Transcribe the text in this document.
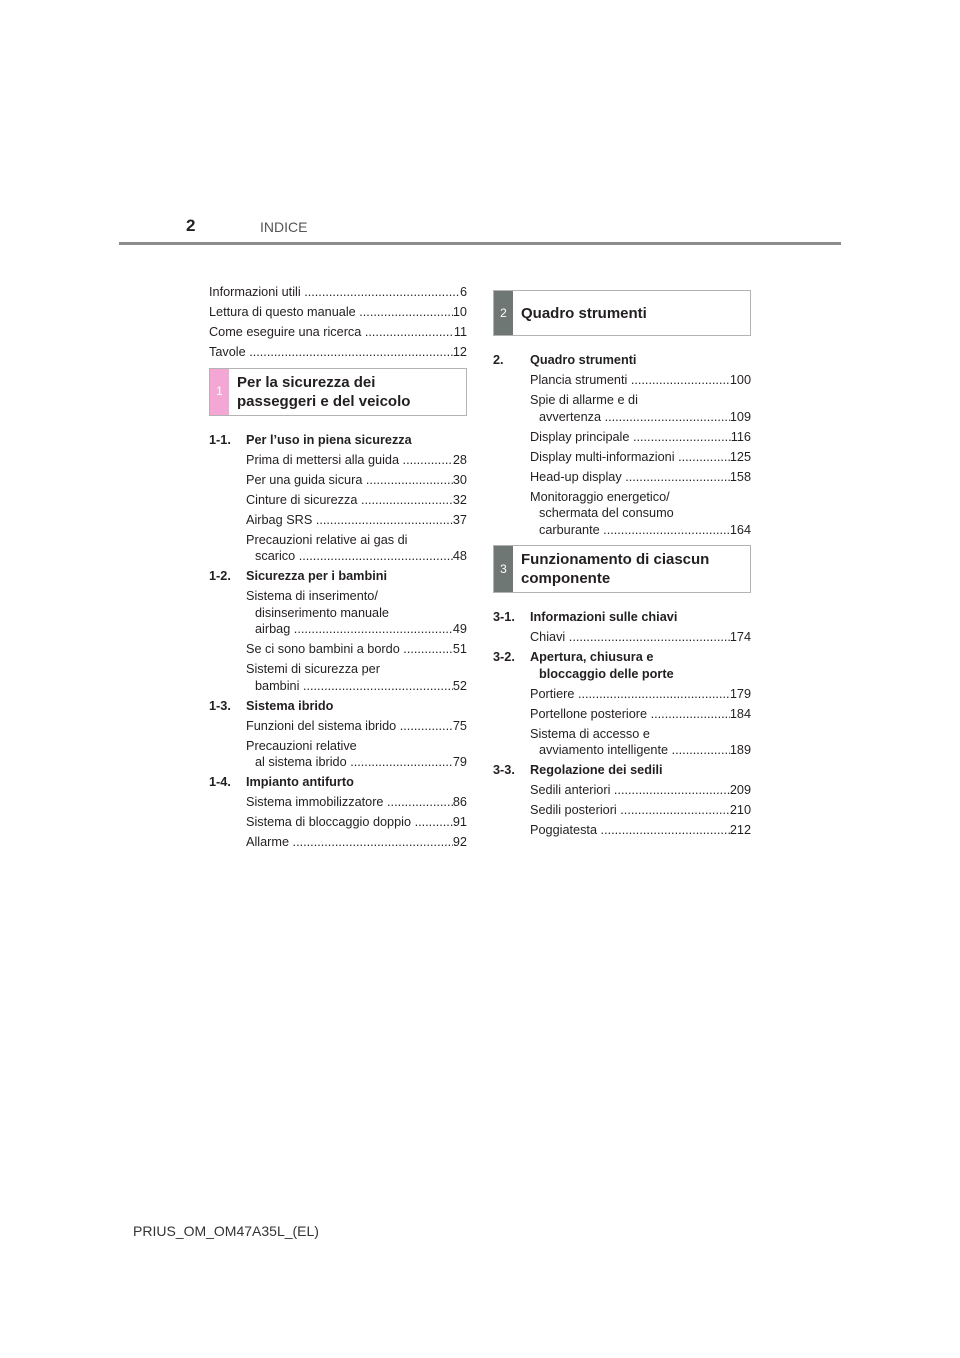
2	INDICE
Informazioni utili .....	6
Lettura di questo manuale .....	10
Come eseguire una ricerca .....	11
Tavole .....	12
1
Per la sicurezza dei
passeggeri e del veicolo
1-1.	Per l’uso in piena sicurezza
Prima di mettersi alla guida .....	28
Per una guida sicura .....	30
Cinture di sicurezza .....	32
Airbag SRS .....	37
Precauzioni relative ai gas di
scarico .....	48
1-2.	Sicurezza per i bambini
Sistema di inserimento/
disinserimento manuale
airbag .....	49
Se ci sono bambini a bordo .....	51
Sistemi di sicurezza per
bambini .....	52
1-3.	Sistema ibrido
Funzioni del sistema ibrido .....	75
Precauzioni relative
al sistema ibrido .....	79
1-4.	Impianto antifurto
Sistema immobilizzatore .....	86
Sistema di bloccaggio doppio .....	91
Allarme .....	92
2 Quadro strumenti
2.	Quadro strumenti
Plancia strumenti .....	100
Spie di allarme e di
avvertenza .....	109
Display principale .....	116
Display multi-informazioni .....	125
Head-up display .....	158
Monitoraggio energetico/
schermata del consumo
carburante .....	164
3
Funzionamento di ciascun
componente
3-1.	Informazioni sulle chiavi
Chiavi .....	174
3-2.	Apertura, chiusura e
bloccaggio delle porte
Portiere .....	179
Portellone posteriore .....	184
Sistema di accesso e
avviamento intelligente .....	189
3-3.	Regolazione dei sedili
Sedili anteriori .....	209
Sedili posteriori .....	210
Poggiatesta .....	212
PRIUS_OM_OM47A35L_(EL)
